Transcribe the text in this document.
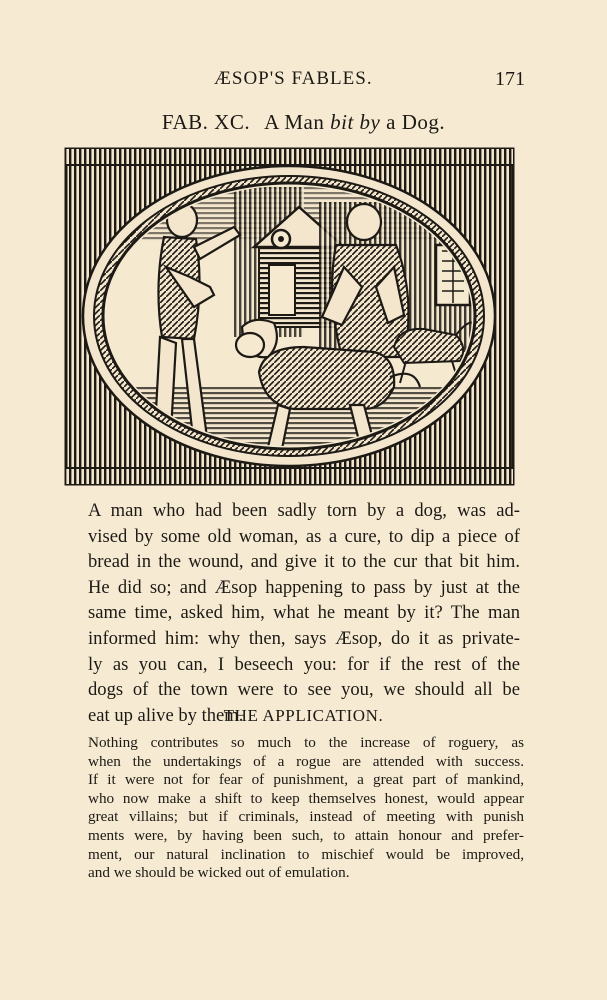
ÆSOP'S FABLES.	171
FAB. XC. A Man bit by a Dog.
A man who had been sadly torn by a dog, was ad-
vised by some old woman, as a cure, to dip a piece of
bread in the wound, and give it to the cur that bit him.
He did so; and Æsop happening to pass by just at the
same time, asked him, what he meant by it? The man
informed him: why then, says Æsop, do it as private-
ly as you can, I beseech you: for if the rest of the
dogs of the town were to see you, we should all be
eat up alive by them.
THE APPLICATION.
Nothing contributes so much to the increase of roguery, as
when the undertakings of a rogue are attended with success.
If it were not for fear of punishment, a great part of mankind,
who now make a shift to keep themselves honest, would appear
great villains; but if criminals, instead of meeting with punish
ments were, by having been such, to attain honour and prefer-
ment, our natural inclination to mischief would be improved,
and we should be wicked out of emulation.
